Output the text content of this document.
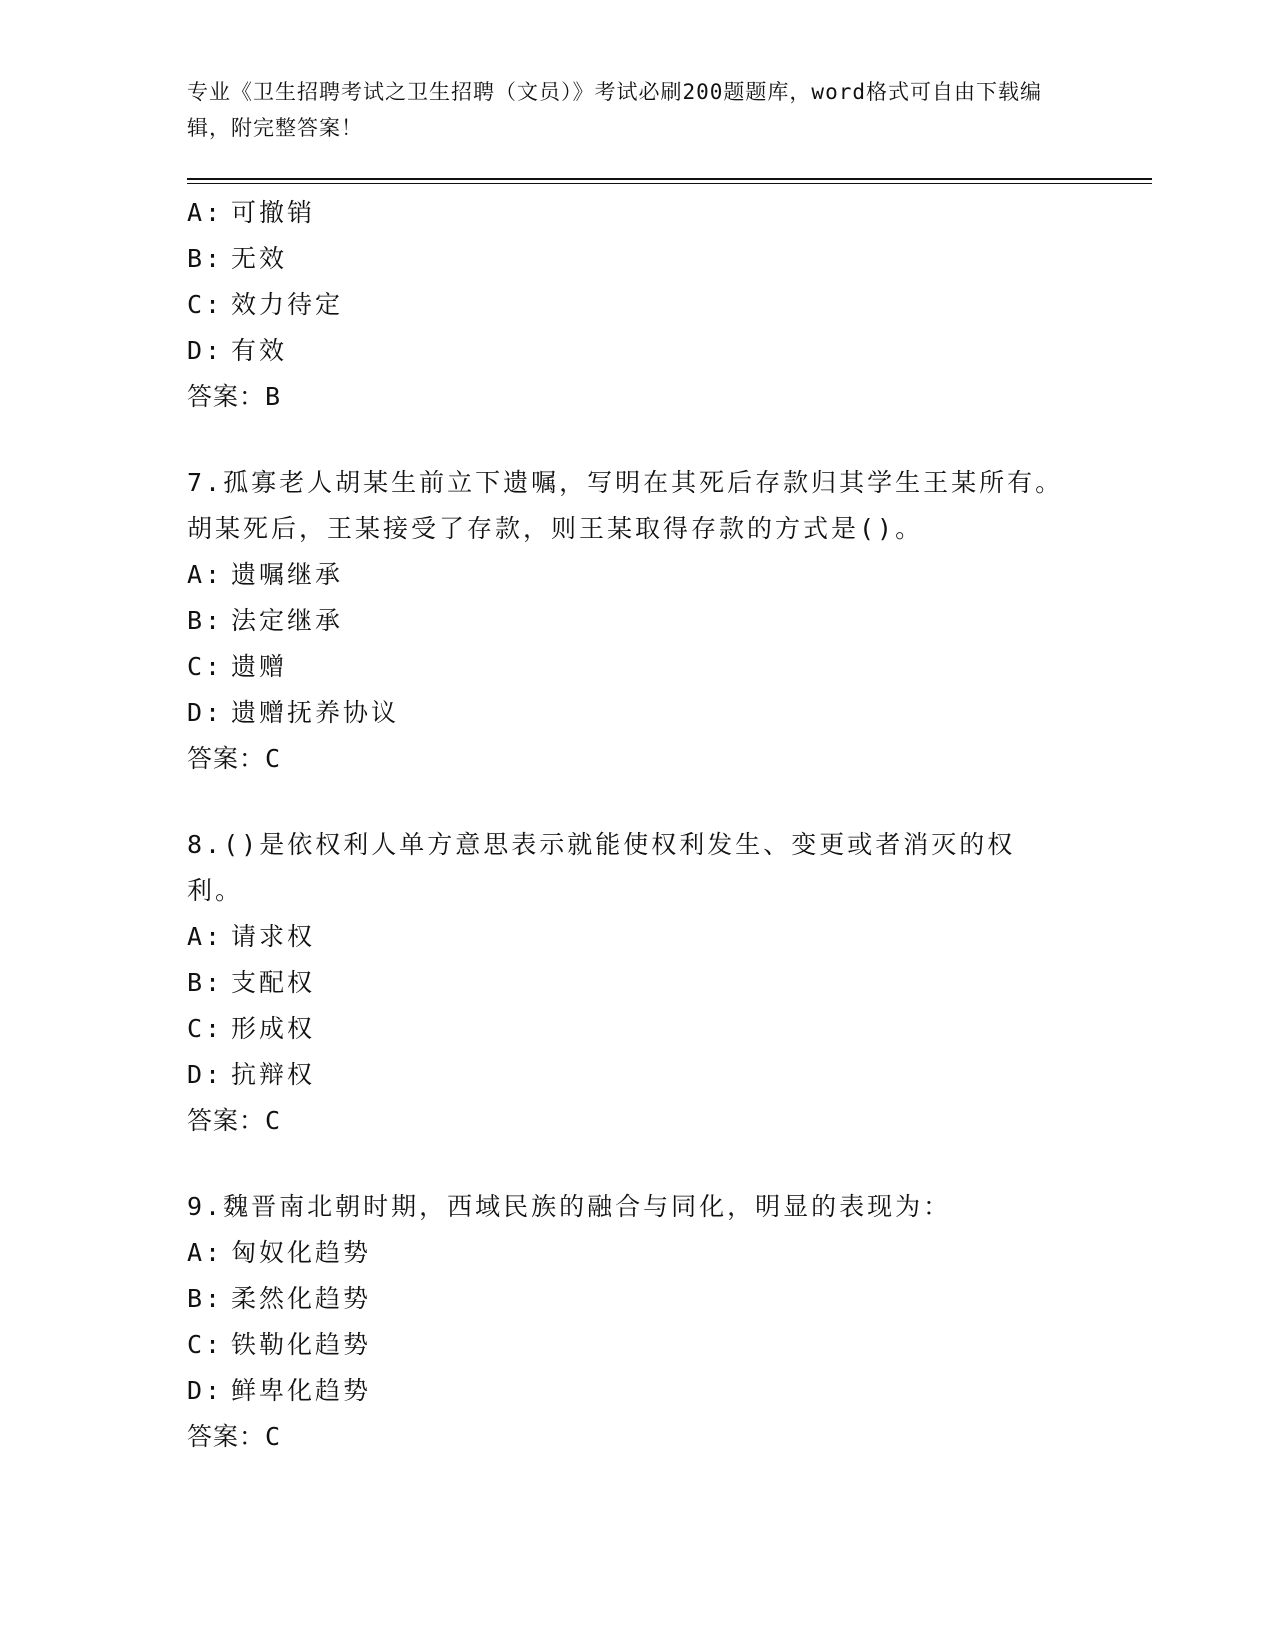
专业《卫生招聘考试之卫生招聘（文员）》考试必刷200题题库，word格式可自由下载编辑，附完整答案！
A: 可撤销
B: 无效
C: 效力待定
D: 有效
答案：B
7.孤寡老人胡某生前立下遗嘱，写明在其死后存款归其学生王某所有。胡某死后，王某接受了存款，则王某取得存款的方式是()。
A: 遗嘱继承
B: 法定继承
C: 遗赠
D: 遗赠抚养协议
答案：C
8.()是依权利人单方意思表示就能使权利发生、变更或者消灭的权利。
A: 请求权
B: 支配权
C: 形成权
D: 抗辩权
答案：C
9.魏晋南北朝时期，西域民族的融合与同化，明显的表现为：
A: 匈奴化趋势
B: 柔然化趋势
C: 铁勒化趋势
D: 鲜卑化趋势
答案：C
